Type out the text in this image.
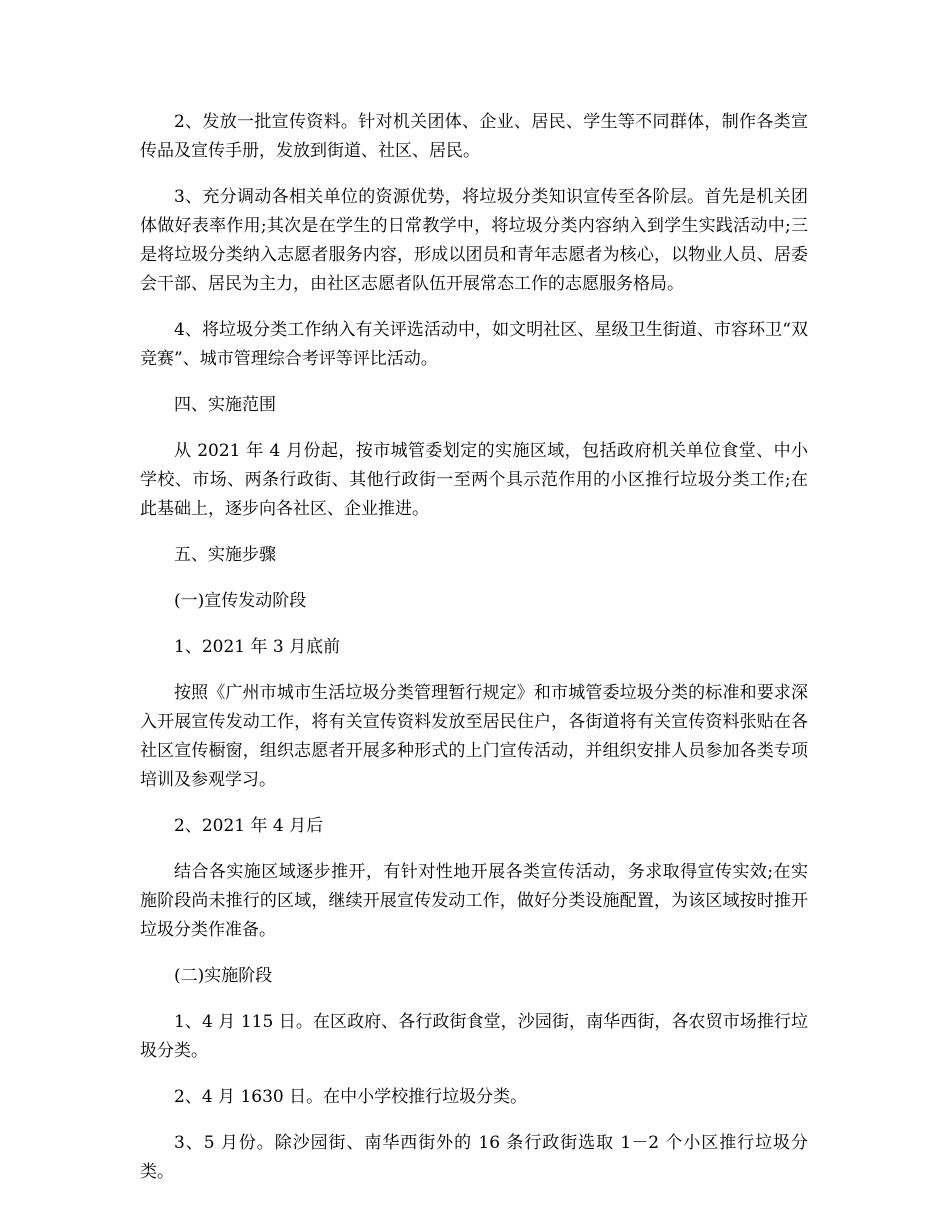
2、发放一批宣传资料。针对机关团体、企业、居民、学生等不同群体，制作各类宣传品及宣传手册，发放到街道、社区、居民。

3、充分调动各相关单位的资源优势，将垃圾分类知识宣传至各阶层。首先是机关团体做好表率作用;其次是在学生的日常教学中，将垃圾分类内容纳入到学生实践活动中;三是将垃圾分类纳入志愿者服务内容，形成以团员和青年志愿者为核心，以物业人员、居委会干部、居民为主力，由社区志愿者队伍开展常态工作的志愿服务格局。

4、将垃圾分类工作纳入有关评选活动中，如文明社区、星级卫生街道、市容环卫“双竞赛”、城市管理综合考评等评比活动。

四、实施范围

从 2021 年 4 月份起，按市城管委划定的实施区域，包括政府机关单位食堂、中小学校、市场、两条行政街、其他行政街一至两个具示范作用的小区推行垃圾分类工作;在此基础上，逐步向各社区、企业推进。

五、实施步骤

(一)宣传发动阶段

1、2021 年 3 月底前

按照《广州市城市生活垃圾分类管理暂行规定》和市城管委垃圾分类的标准和要求深入开展宣传发动工作，将有关宣传资料发放至居民住户，各街道将有关宣传资料张贴在各社区宣传橱窗，组织志愿者开展多种形式的上门宣传活动，并组织安排人员参加各类专项培训及参观学习。

2、2021 年 4 月后

结合各实施区域逐步推开，有针对性地开展各类宣传活动，务求取得宣传实效;在实施阶段尚未推行的区域，继续开展宣传发动工作，做好分类设施配置，为该区域按时推开垃圾分类作准备。

(二)实施阶段

1、4 月 115 日。在区政府、各行政街食堂，沙园街，南华西街，各农贸市场推行垃圾分类。

2、4 月 1630 日。在中小学校推行垃圾分类。

3、5 月份。除沙园街、南华西街外的 16 条行政街选取 1－2 个小区推行垃圾分类。
